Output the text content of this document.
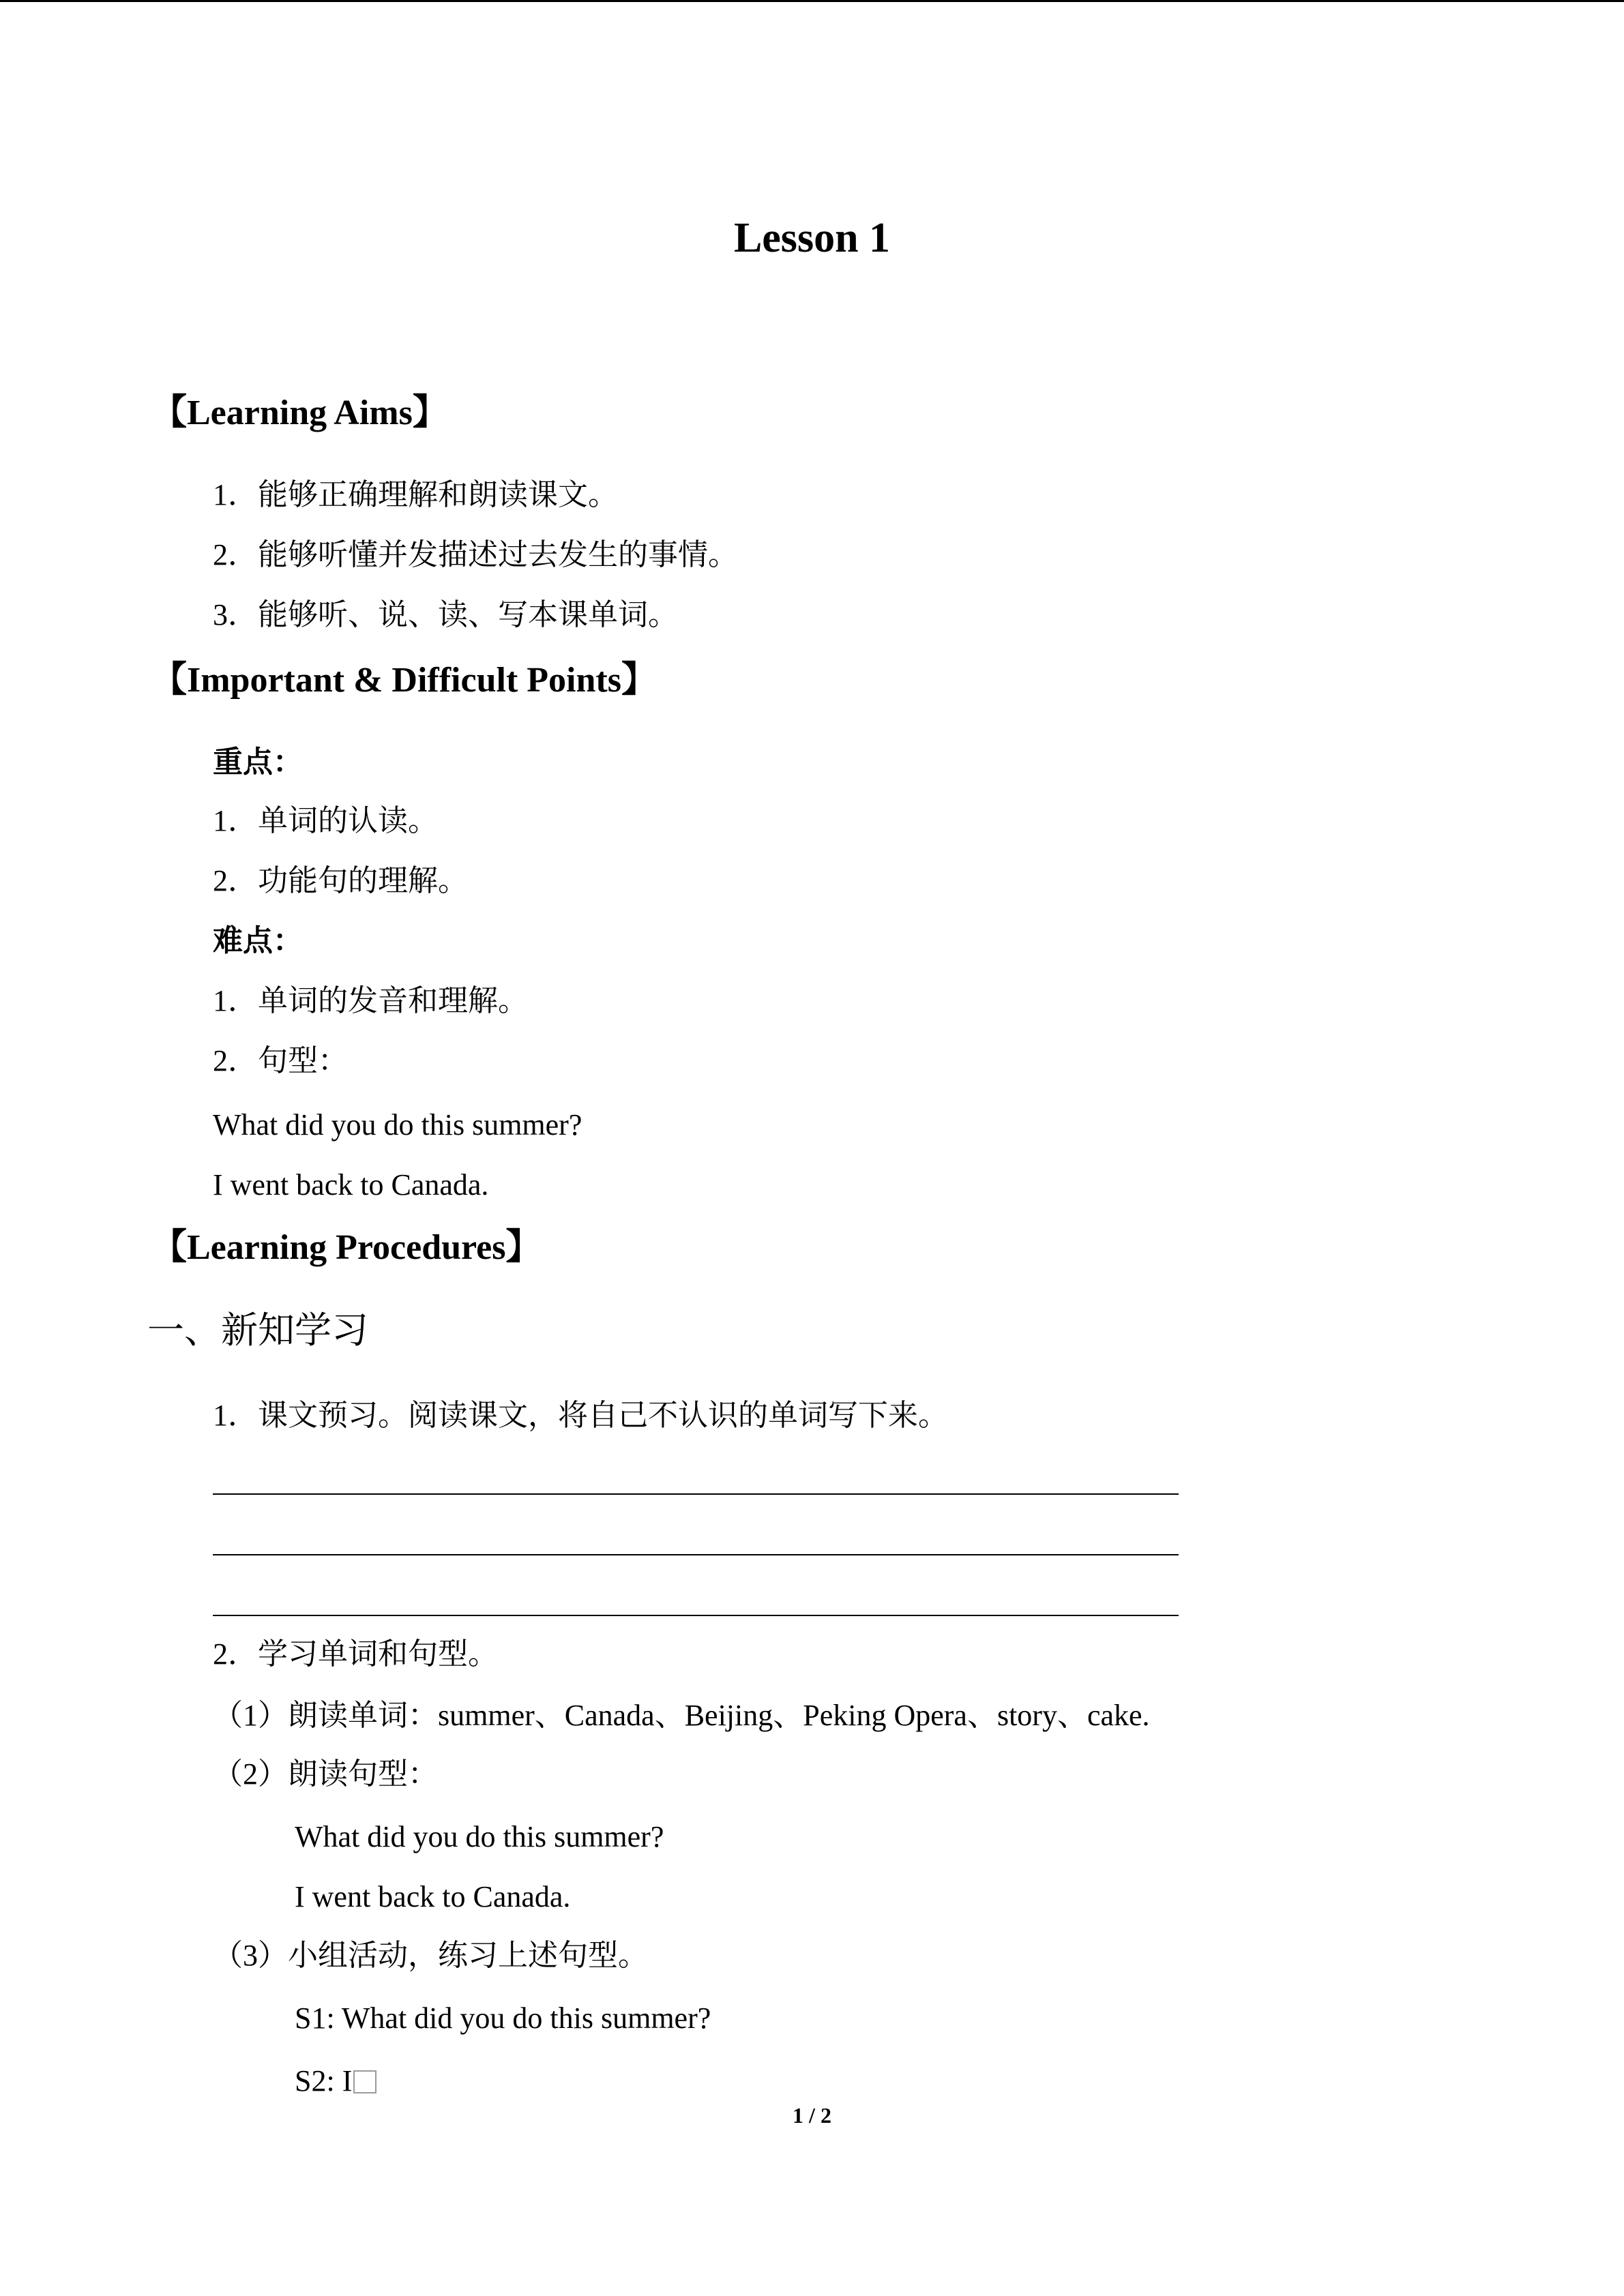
Lesson 1
【Learning Aims】
1．能够正确理解和朗读课文。
2．能够听懂并发描述过去发生的事情。
3．能够听、说、读、写本课单词。
【Important & Difficult Points】
重点：
1．单词的认读。
2．功能句的理解。
难点：
1．单词的发音和理解。
2．句型：
What did you do this summer?
I went back to Canada.
【Learning Procedures】
一、新知学习
1．课文预习。阅读课文，将自己不认识的单词写下来。
2．学习单词和句型。
（1）朗读单词：summer、Canada、Beijing、Peking Opera、story、cake.
（2）朗读句型：
What did you do this summer?
I went back to Canada.
（3）小组活动，练习上述句型。
S1: What did you do this summer?
S2: I
1 / 2
